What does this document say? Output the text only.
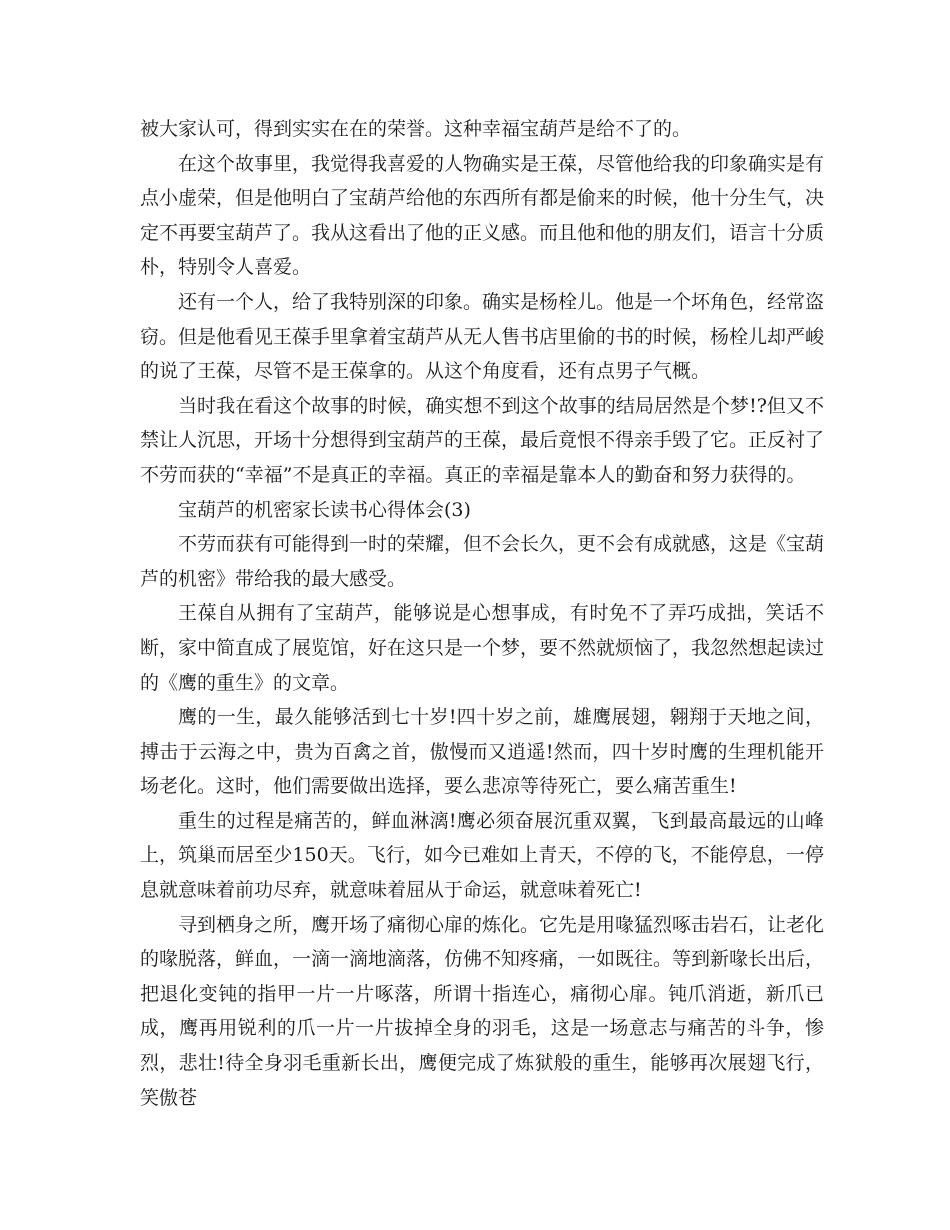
被大家认可，得到实实在在的荣誉。这种幸福宝葫芦是给不了的。

在这个故事里，我觉得我喜爱的人物确实是王葆，尽管他给我的印象确实是有点小虚荣，但是他明白了宝葫芦给他的东西所有都是偷来的时候，他十分生气，决定不再要宝葫芦了。我从这看出了他的正义感。而且他和他的朋友们，语言十分质朴，特别令人喜爱。

还有一个人，给了我特别深的印象。确实是杨栓儿。他是一个坏角色，经常盗窃。但是他看见王葆手里拿着宝葫芦从无人售书店里偷的书的时候，杨栓儿却严峻的说了王葆，尽管不是王葆拿的。从这个角度看，还有点男子气概。

当时我在看这个故事的时候，确实想不到这个故事的结局居然是个梦!?但又不禁让人沉思，开场十分想得到宝葫芦的王葆，最后竟恨不得亲手毁了它。正反衬了不劳而获的“幸福”不是真正的幸福。真正的幸福是靠本人的勤奋和努力获得的。

宝葫芦的机密家长读书心得体会(3)

不劳而获有可能得到一时的荣耀，但不会长久，更不会有成就感，这是《宝葫芦的机密》带给我的最大感受。

王葆自从拥有了宝葫芦，能够说是心想事成，有时免不了弄巧成拙，笑话不断，家中简直成了展览馆，好在这只是一个梦，要不然就烦恼了，我忽然想起读过的《鹰的重生》的文章。

鹰的一生，最久能够活到七十岁!四十岁之前，雄鹰展翅，翱翔于天地之间，搏击于云海之中，贵为百禽之首，傲慢而又逍遥!然而，四十岁时鹰的生理机能开场老化。这时，他们需要做出选择，要么悲凉等待死亡，要么痛苦重生!

重生的过程是痛苦的，鲜血淋漓!鹰必须奋展沉重双翼，飞到最高最远的山峰上，筑巢而居至少150天。飞行，如今已难如上青天，不停的飞，不能停息，一停息就意味着前功尽弃，就意味着屈从于命运，就意味着死亡!

寻到栖身之所，鹰开场了痛彻心扉的炼化。它先是用喙猛烈啄击岩石，让老化的喙脱落，鲜血，一滴一滴地滴落，仿佛不知疼痛，一如既往。等到新喙长出后，把退化变钝的指甲一片一片啄落，所谓十指连心，痛彻心扉。钝爪消逝，新爪已成，鹰再用锐利的爪一片一片拔掉全身的羽毛，这是一场意志与痛苦的斗争，惨烈，悲壮!待全身羽毛重新长出，鹰便完成了炼狱般的重生，能够再次展翅飞行，笑傲苍
